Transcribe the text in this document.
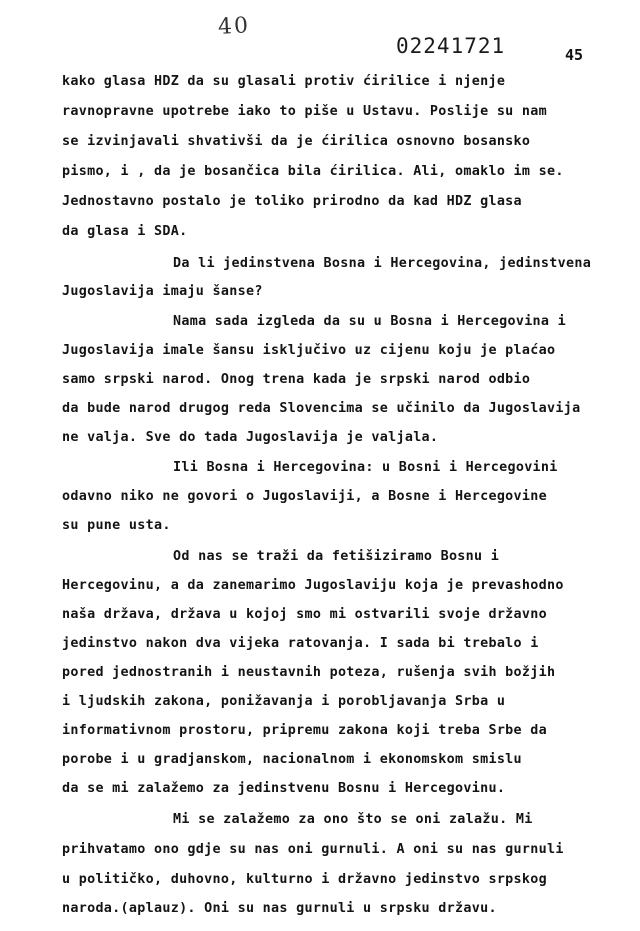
40
02241721	45
kako glasa HDZ da su glasali protiv ćirilice i njenje
ravnopravne upotrebe iako to piše u Ustavu. Poslije su nam
se izvinjavali shvativši da je ćirilica osnovno bosansko
pismo, i , da je bosančica bila ćirilica. Ali, omaklo im se.
Jednostavno postalo je toliko prirodno da kad HDZ glasa
da glasa i SDA.
Da li jedinstvena Bosna i Hercegovina, jedinstvena
Jugoslavija imaju šanse?
Nama sada izgleda da su u Bosna i Hercegovina i
Jugoslavija imale šansu isključivo uz cijenu koju je plaćao
samo srpski narod. Onog trena kada je srpski narod odbio
da bude narod drugog reda Slovencima se učinilo da Jugoslavija
ne valja. Sve do tada Jugoslavija je valjala.
Ili Bosna i Hercegovina: u Bosni i Hercegovini
odavno niko ne govori o Jugoslaviji, a Bosne i Hercegovine
su pune usta.
Od nas se traži da fetišiziramo Bosnu i
Hercegovinu, a da zanemarimo Jugoslaviju koja je prevashodno
naša država, država u kojoj smo mi ostvarili svoje državno
jedinstvo nakon dva vijeka ratovanja. I sada bi trebalo i
pored jednostranih i neustavnih poteza, rušenja svih božjih
i ljudskih zakona, ponižavanja i porobljavanja Srba u
informativnom prostoru, pripremu zakona koji treba Srbe da
porobe i u gradjanskom, nacionalnom i ekonomskom smislu
da se mi zalažemo za jedinstvenu Bosnu i Hercegovinu.
Mi se zalažemo za ono što se oni zalažu. Mi
prihvatamo ono gdje su nas oni gurnuli. A oni su nas gurnuli
u političko, duhovno, kulturno i državno jedinstvo srpskog
naroda.(aplauz). Oni su nas gurnuli u srpsku državu.
